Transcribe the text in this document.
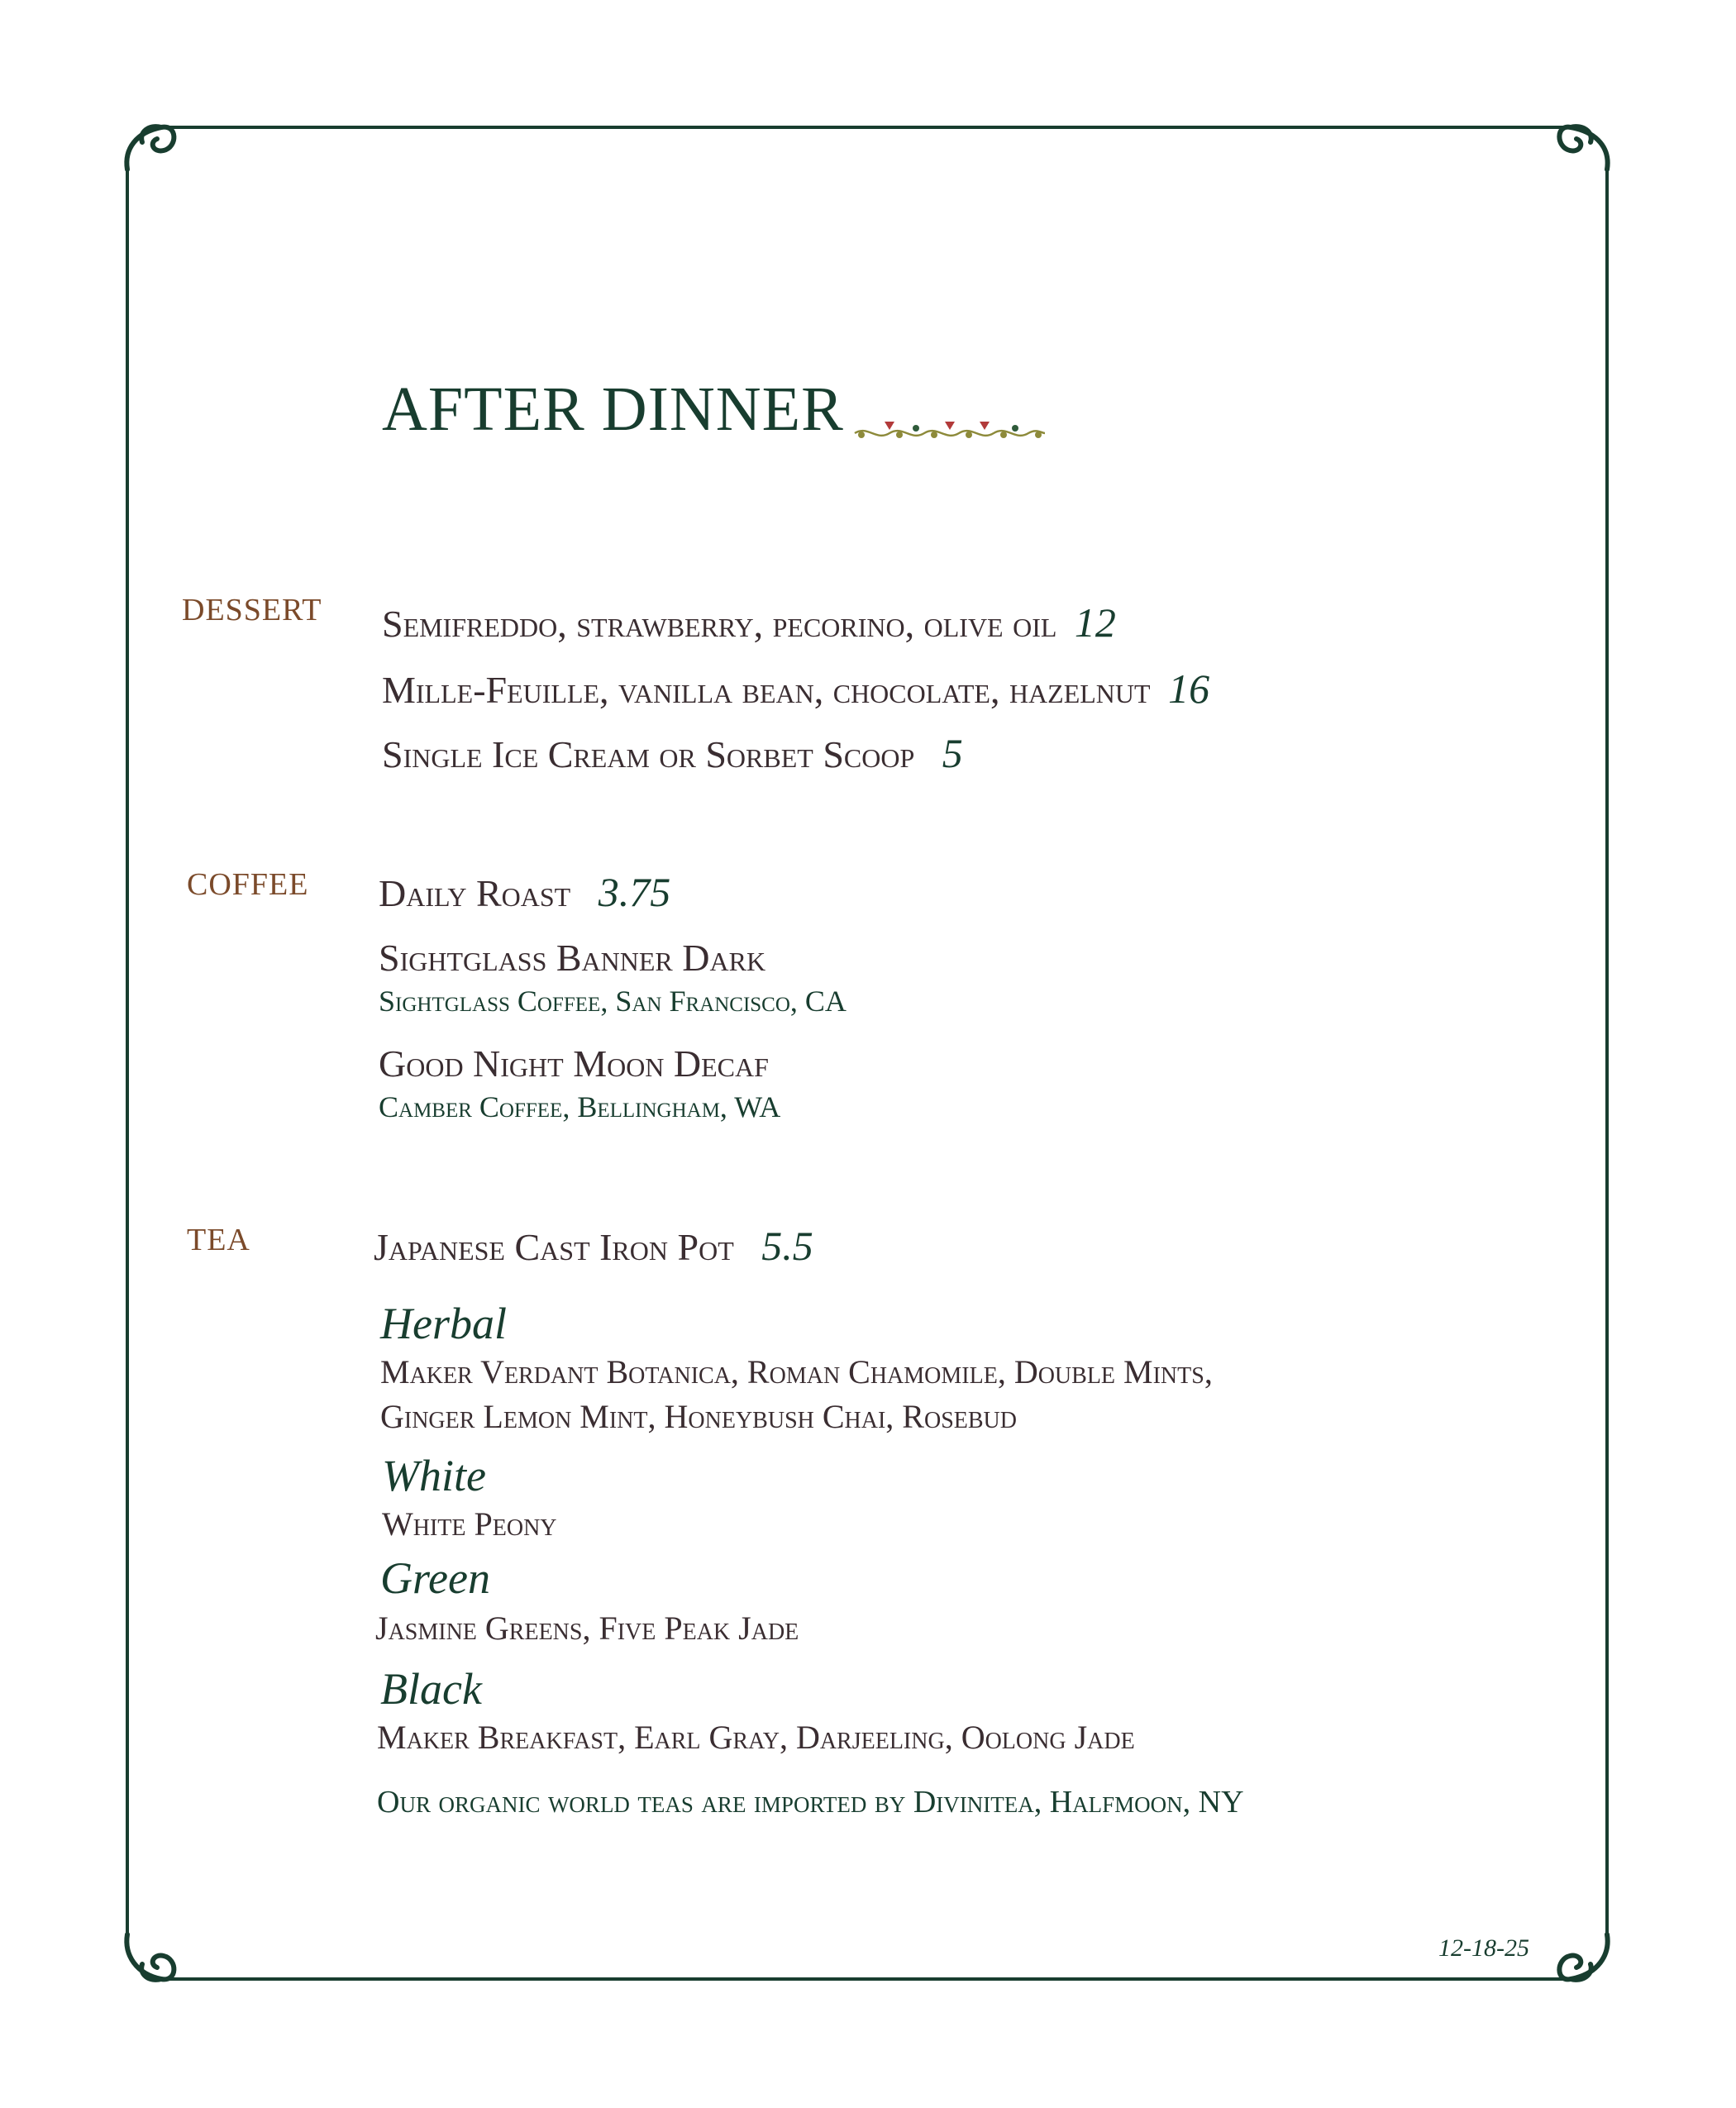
AFTER DINNER
DESSERT Semifreddo, strawberry, pecorino, olive oil 12
Mille-Feuille, vanilla bean, chocolate, hazelnut 16
Single Ice Cream or Sorbet Scoop 5
COFFEE Daily Roast 3.75
Sightglass Banner Dark
Sightglass Coffee, San Francisco, CA
Good Night Moon Decaf
Camber Coffee, Bellingham, WA
TEA	Japanese Cast Iron Pot 5.5
Herbal
Maker Verdant Botanica, Roman Chamomile, Double Mints,
Ginger Lemon Mint, Honeybush Chai, Rosebud
White
White Peony
Green
Jasmine Greens, Five Peak Jade
Black
Maker Breakfast, Earl Gray, Darjeeling, Oolong Jade
Our organic world teas are imported by Divinitea, Halfmoon, NY
12-18-25
